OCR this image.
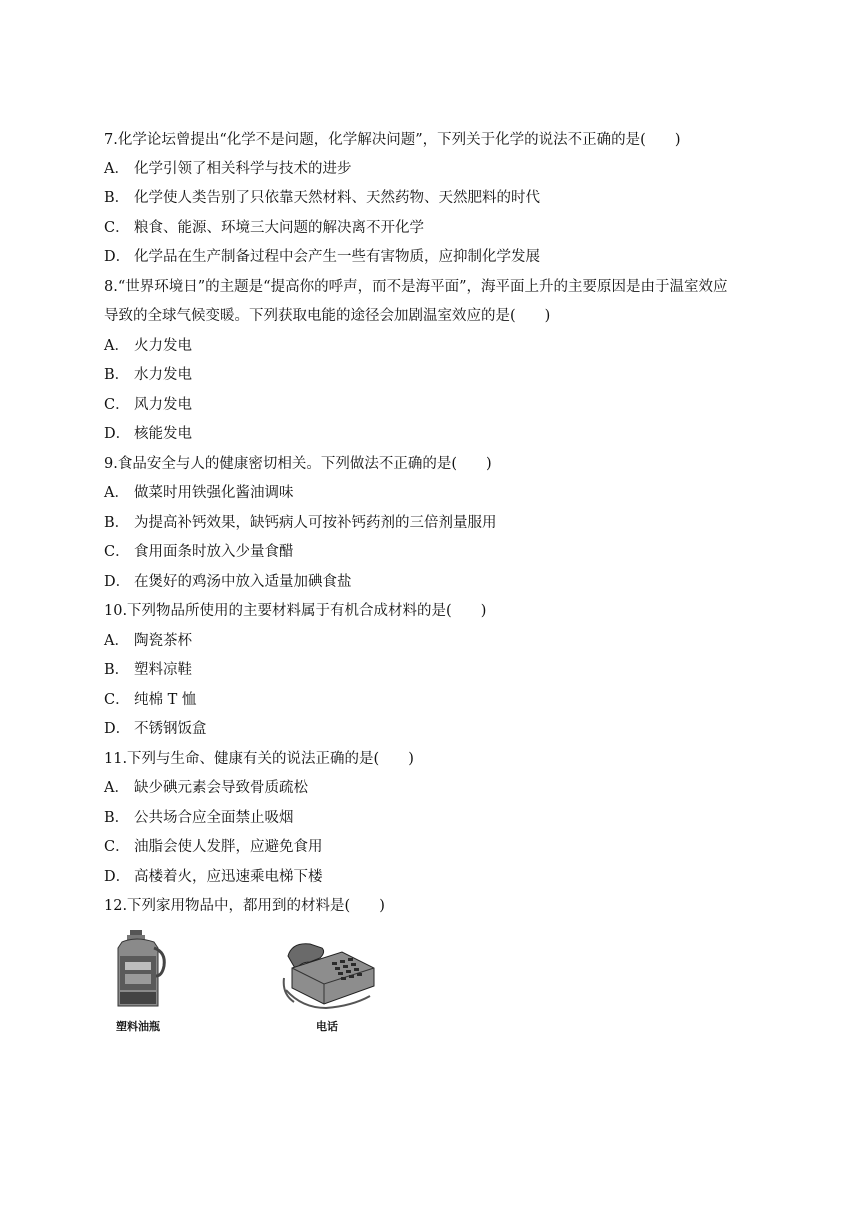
7.化学论坛曾提出“化学不是问题，化学解决问题”，下列关于化学的说法不正确的是(　　)
A． 化学引领了相关科学与技术的进步
B． 化学使人类告别了只依靠天然材料、天然药物、天然肥料的时代
C． 粮食、能源、环境三大问题的解决离不开化学
D． 化学品在生产制备过程中会产生一些有害物质，应抑制化学发展
8.“世界环境日”的主题是“提高你的呼声，而不是海平面”，海平面上升的主要原因是由于温室效应
导致的全球气候变暖。下列获取电能的途径会加剧温室效应的是(　　)
A． 火力发电
B． 水力发电
C． 风力发电
D． 核能发电
9.食品安全与人的健康密切相关。下列做法不正确的是(　　)
A． 做菜时用铁强化酱油调味
B． 为提高补钙效果，缺钙病人可按补钙药剂的三倍剂量服用
C． 食用面条时放入少量食醋
D． 在煲好的鸡汤中放入适量加碘食盐
10.下列物品所使用的主要材料属于有机合成材料的是(　　)
A． 陶瓷茶杯
B． 塑料凉鞋
C． 纯棉 T 恤
D． 不锈钢饭盒
11.下列与生命、健康有关的说法正确的是(　　)
A． 缺少碘元素会导致骨质疏松
B． 公共场合应全面禁止吸烟
C． 油脂会使人发胖，应避免食用
D． 高楼着火，应迅速乘电梯下楼
12.下列家用物品中，都用到的材料是(　　)
塑料油瓶	电话
